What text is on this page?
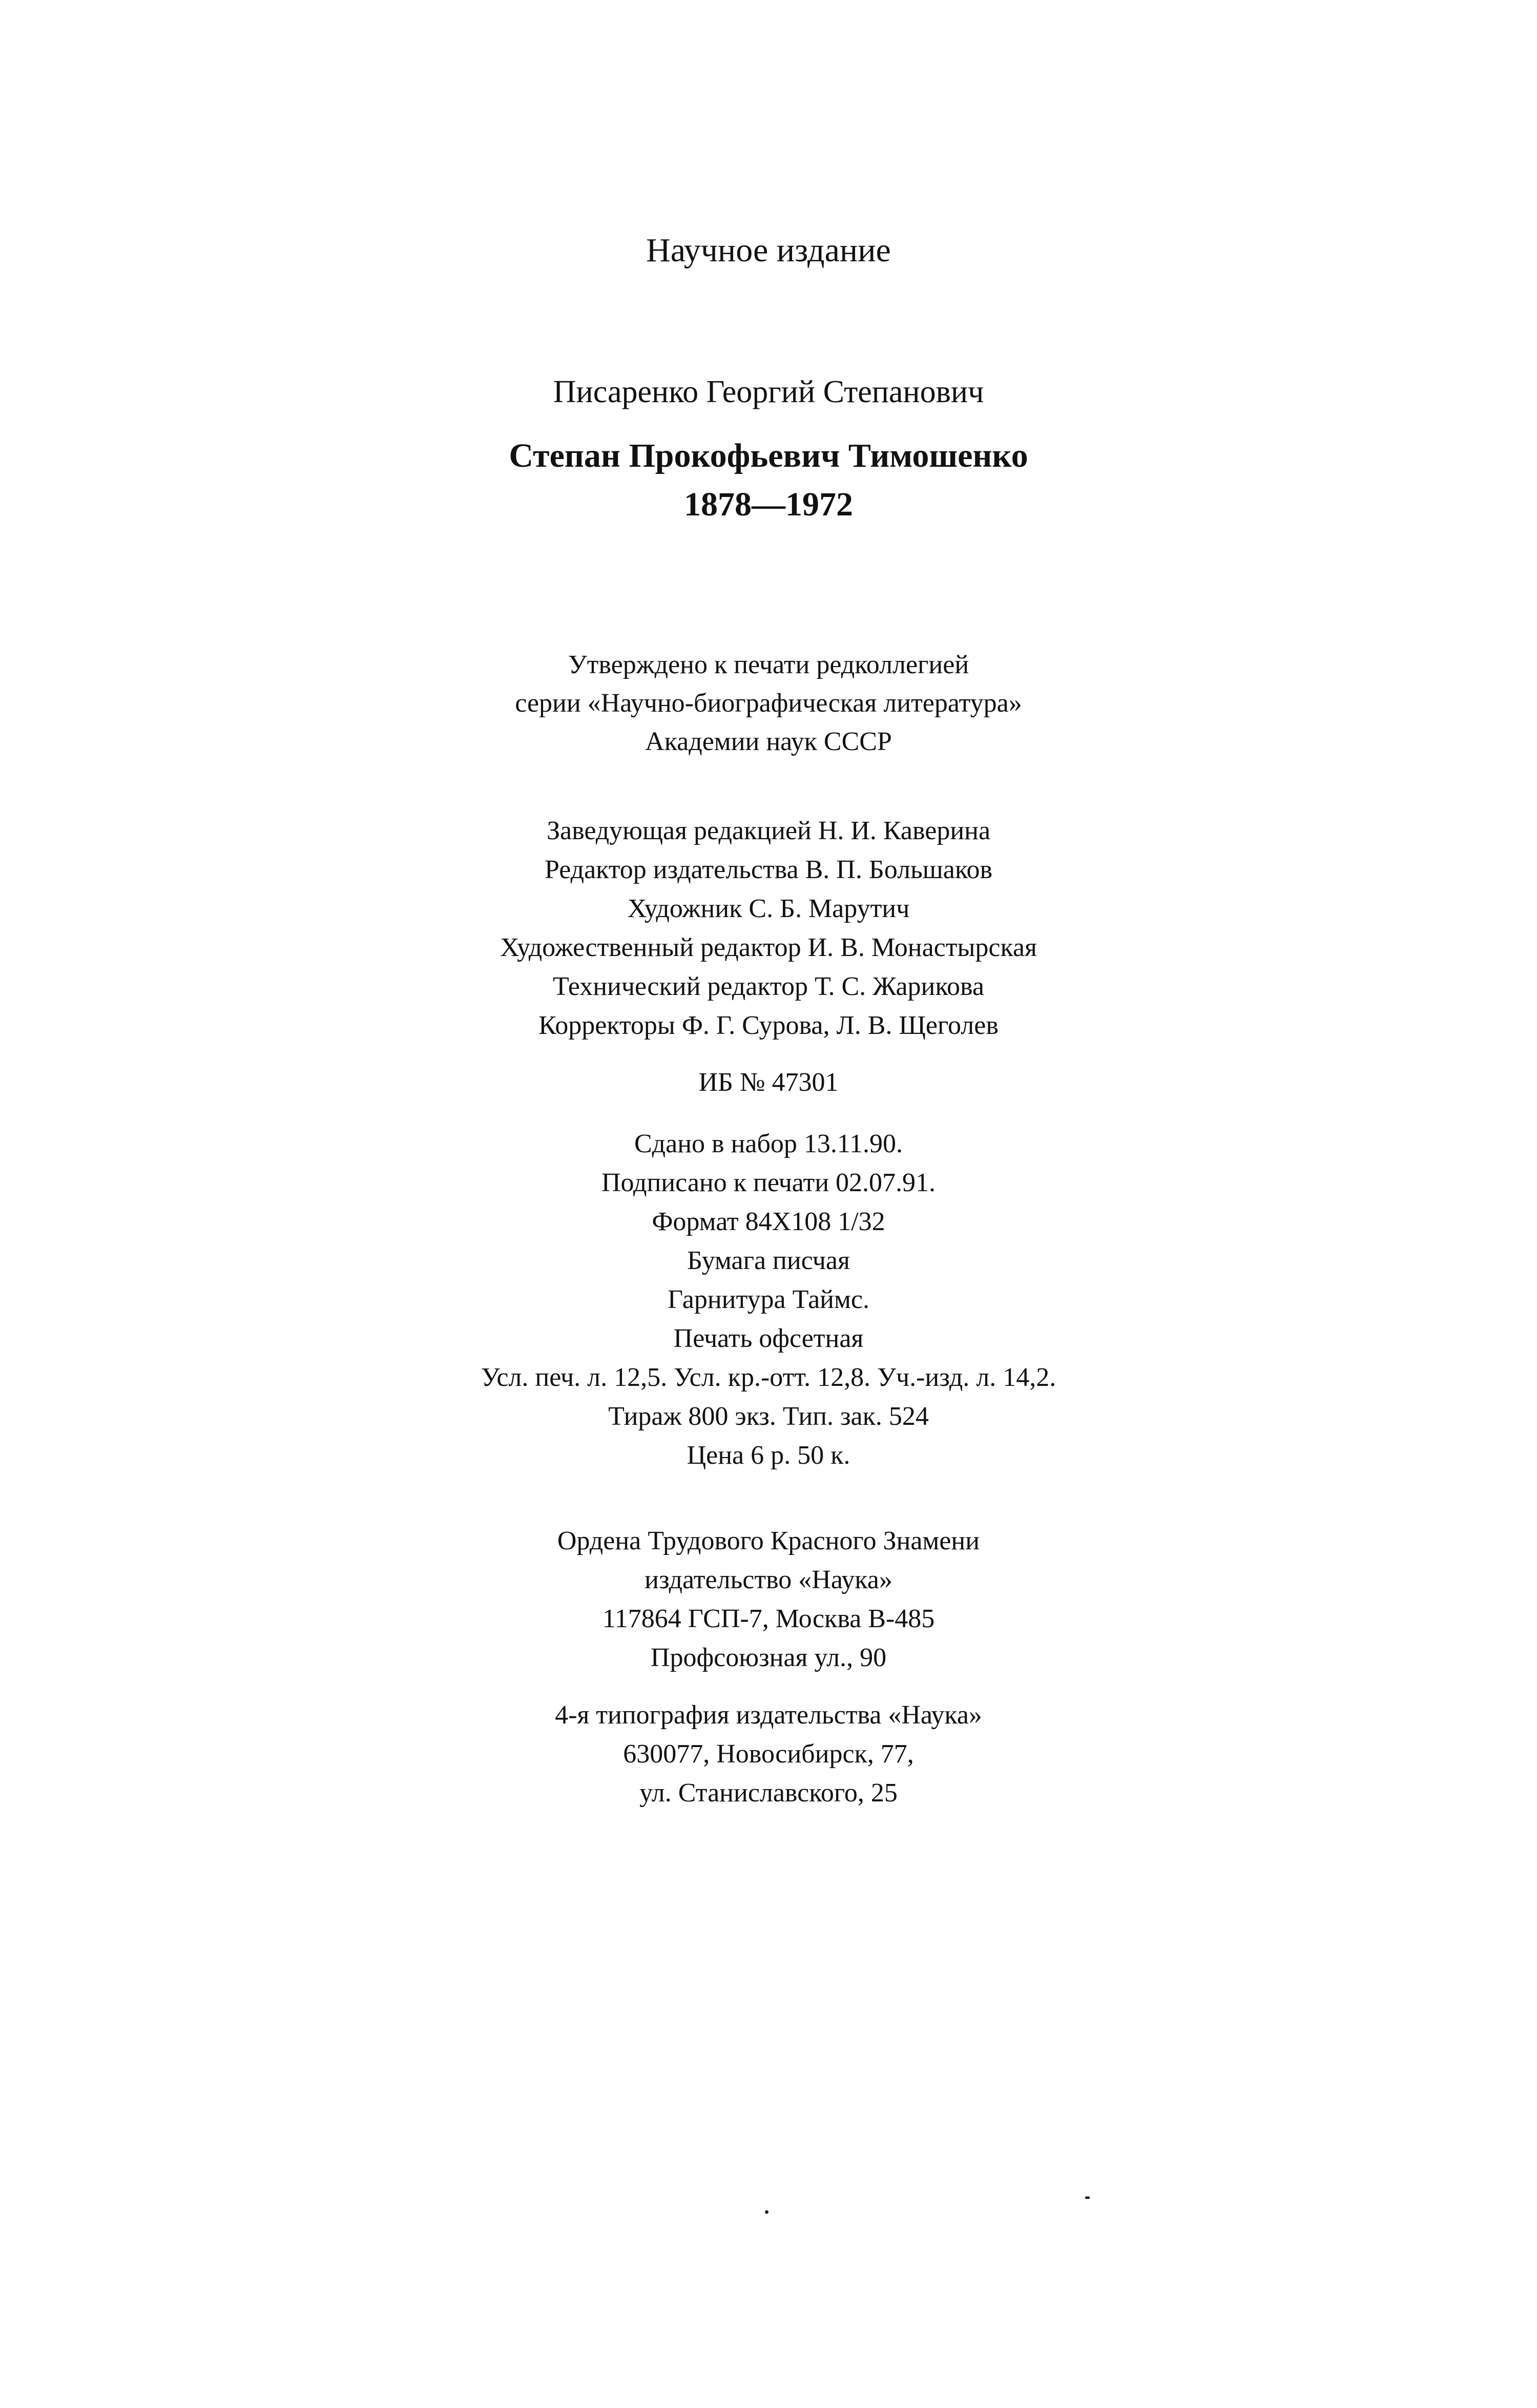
Научное издание
Писаренко Георгий Степанович
Степан Прокофьевич Тимошенко
1878—1972
Утверждено к печати редколлегией
серии «Научно-биографическая литература»
Академии наук СССР
Заведующая редакцией Н. И. Каверина
Редактор издательства В. П. Большаков
Художник С. Б. Марутич
Художественный редактор И. В. Монастырская
Технический редактор Т. С. Жарикова
Корректоры Ф. Г. Сурова, Л. В. Щеголев
ИБ № 47301
Сдано в набор 13.11.90.
Подписано к печати 02.07.91.
Формат 84X108 1/32
Бумага писчая
Гарнитура Таймс.
Печать офсетная
Усл. печ. л. 12,5. Усл. кр.-отт. 12,8. Уч.-изд. л. 14,2.
Тираж 800 экз. Тип. зак. 524
Цена 6 р. 50 к.
Ордена Трудового Красного Знамени
издательство «Наука»
117864 ГСП-7, Москва В-485
Профсоюзная ул., 90
4-я типография издательства «Наука»
630077, Новосибирск, 77,
ул. Станиславского, 25
